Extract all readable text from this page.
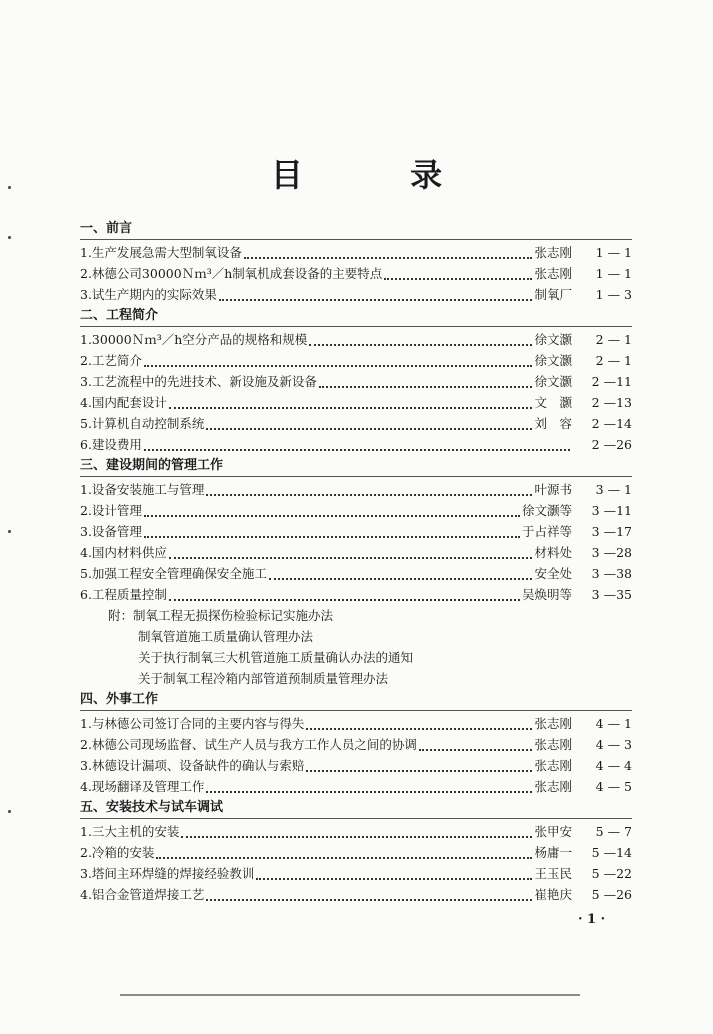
目 录
一、前言
1.生产发展急需大型制氧设备	张志刚	1 — 1
2.林德公司30000Ｎｍ³／h制氧机成套设备的主要特点	张志刚	1 — 1
3.试生产期内的实际效果	制氧厂	1 — 3
二、工程简介
1.30000Ｎｍ³／h空分产品的规格和规模	徐文灏	2 — 1
2.工艺简介	徐文灏	2 — 1
3.工艺流程中的先进技术、新设施及新设备	徐文灏	2 —11
4.国内配套设计	文　灏	2 —13
5.计算机自动控制系统	刘　容	2 —14
6.建设费用	2 —26
三、建设期间的管理工作
1.设备安装施工与管理	叶源书	3 — 1
2.设计管理	徐文灏等	3 —11
3.设备管理	于占祥等	3 —17
4.国内材料供应	材料处	3 —28
5.加强工程安全管理确保安全施工	安全处	3 —38
6.工程质量控制	吴焕明等	3 —35
附：制氧工程无损探伤检验标记实施办法
制氧管道施工质量确认管理办法
关于执行制氧三大机管道施工质量确认办法的通知
关于制氧工程冷箱内部管道预制质量管理办法
四、外事工作
1.与林德公司签订合同的主要内容与得失	张志刚	4 — 1
2.林德公司现场监督、试生产人员与我方工作人员之间的协调	张志刚	4 — 3
3.林德设计漏项、设备缺件的确认与索赔	张志刚	4 — 4
4.现场翻译及管理工作	张志刚	4 — 5
五、安装技术与试车调试
1.三大主机的安装	张甲安	5 — 7
2.冷箱的安装	杨庸一	5 —14
3.塔间主环焊缝的焊接经验教训	王玉民	5 —22
4.铝合金管道焊接工艺	崔艳庆	5 —26
· 1 ·
